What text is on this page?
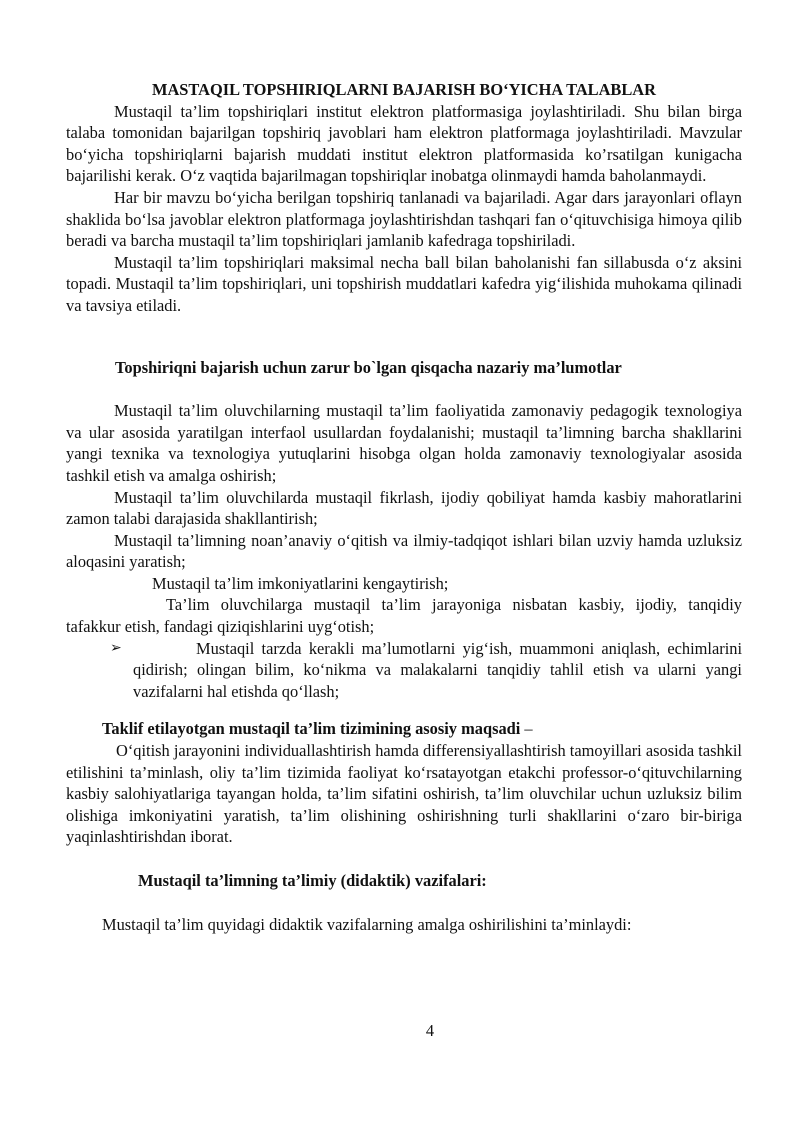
MASTAQIL TOPSHIRIQLARNI BAJARISH BO‘YICHA TALABLAR

Mustaqil ta’lim topshiriqlari institut elektron platformasiga joylashtiriladi. Shu bilan birga talaba tomonidan bajarilgan topshiriq javoblari ham elektron platformaga joylashtiriladi. Mavzular bo‘yicha topshiriqlarni bajarish muddati institut elektron platformasida ko’rsatilgan kunigacha bajarilishi kerak. O‘z vaqtida bajarilmagan topshiriqlar inobatga olinmaydi hamda baholanmaydi.

Har bir mavzu bo‘yicha berilgan topshiriq tanlanadi va bajariladi. Agar dars jarayonlari oflayn shaklida bo‘lsa javoblar elektron platformaga joylashtirishdan tashqari fan o‘qituvchisiga himoya qilib beradi va barcha mustaqil ta’lim topshiriqlari jamlanib kafedraga topshiriladi.

Mustaqil ta’lim topshiriqlari maksimal necha ball bilan baholanishi fan sillabusda o‘z aksini topadi. Mustaqil ta’lim topshiriqlari, uni topshirish muddatlari kafedra yig‘ilishida muhokama qilinadi va tavsiya etiladi.

Topshiriqni bajarish uchun zarur bo`lgan qisqacha nazariy ma’lumotlar

Mustaqil ta’lim oluvchilarning mustaqil ta’lim faoliyatida zamonaviy pedagogik texnologiya va ular asosida yaratilgan interfaol usullardan foydalanishi; mustaqil ta’limning barcha shakllarini yangi texnika va texnologiya yutuqlarini hisobga olgan holda zamonaviy texnologiyalar asosida tashkil etish va amalga oshirish;

Mustaqil ta’lim oluvchilarda mustaqil fikrlash, ijodiy qobiliyat hamda kasbiy mahoratlarini zamon talabi darajasida shakllantirish;

Mustaqil ta’limning noan’anaviy o‘qitish va ilmiy-tadqiqot ishlari bilan uzviy hamda uzluksiz aloqasini yaratish;

Mustaqil ta’lim imkoniyatlarini kengaytirish;

Ta’lim oluvchilarga mustaqil ta’lim jarayoniga nisbatan kasbiy, ijodiy, tanqidiy tafakkur etish, fandagi qiziqishlarini uyg‘otish;

➢	Mustaqil tarzda kerakli ma’lumotlarni yig‘ish, muammoni aniqlash, echimlarini qidirish; olingan bilim, ko‘nikma va malakalarni tanqidiy tahlil etish va ularni yangi vazifalarni hal etishda qo‘llash;

Taklif etilayotgan mustaqil ta’lim tizimining asosiy maqsadi –

O‘qitish jarayonini individuallashtirish hamda differensiyallashtirish tamoyillari asosida tashkil etilishini ta’minlash, oliy ta’lim tizimida faoliyat ko‘rsatayotgan etakchi professor-o‘qituvchilarning kasbiy salohiyatlariga tayangan holda, ta’lim sifatini oshirish, ta’lim oluvchilar uchun uzluksiz bilim olishiga imkoniyatini yaratish, ta’lim olishining oshirishning turli shakllarini o‘zaro bir-biriga yaqinlashtirishdan iborat.

Mustaqil ta’limning ta’limiy (didaktik) vazifalari:

Mustaqil ta’lim quyidagi didaktik vazifalarning amalga oshirilishini ta’minlaydi:

4
